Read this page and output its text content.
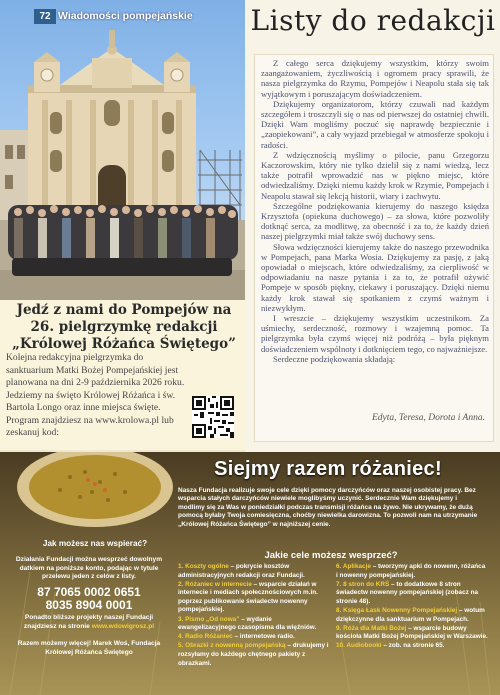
72 Wiadomości pompejańskie
Jedź z nami do Pompejów na 26. pielgrzymkę redakcji „Królowej Różańca Świętego”
Kolejna redakcyjna pielgrzymka do sanktuarium Matki Bożej Pompejańskiej jest planowana na dni 2-9 października 2026 roku. Jedziemy na święto Królowej Różańca i św. Bartola Longo oraz inne miejsca święte. Program znajdziesz na www.krolowa.pl lub zeskanuj kod:
Listy do redakcji

Z całego serca dziękujemy wszystkim, którzy swoim zaangażowaniem, życzliwością i ogromem pracy sprawili, że nasza pielgrzymka do Rzymu, Pompejów i Neapolu stała się tak wyjątkowym i poruszającym doświadczeniem.

Dziękujemy organizatorom, którzy czuwali nad każdym szczegółem i troszczyli się o nas od pierwszej do ostatniej chwili. Dzięki Wam mogliśmy poczuć się naprawdę bezpiecznie i „zaopiekowani”, a cały wyjazd przebiegał w atmosferze spokoju i radości.

Z wdzięcznością myślimy o pilocie, panu Grzegorzu Kaczorowskim, który nie tylko dzielił się z nami wiedzą, lecz także potrafił wprowadzić nas w piękno miejsc, które odwiedzaliśmy. Dzięki niemu każdy krok w Rzymie, Pompejach i Neapolu stawał się lekcją historii, wiary i zachwytu.

Szczególne podziękowania kierujemy do naszego księdza Krzysztofa (opiekuna duchowego) – za słowa, które pozwoliły dotknąć serca, za modlitwę, za obecność i za to, że każdy dzień naszej pielgrzymki miał także swój duchowy sens.

Słowa wdzięczności kierujemy także do naszego przewodnika w Pompejach, pana Marka Wosia. Dziękujemy za pasję, z jaką opowiadał o miejscach, które odwiedzaliśmy, za cierpliwość w odpowiadaniu na nasze pytania i za to, że potrafił ożywić Pompeje w sposób piękny, ciekawy i poruszający. Dzięki niemu każdy krok stawał się spotkaniem z czymś ważnym i niezwykłym.

I wreszcie – dziękujemy wszystkim uczestnikom. Za uśmiechy, serdeczność, rozmowy i wzajemną pomoc. Ta pielgrzymka była czymś więcej niż podróżą – była pięknym doświadczeniem wspólnoty i dotknięciem tego, co najważniejsze.

Serdeczne podziękowania składają:

Edyta, Teresa, Dorota i Anna.
Siejmy razem różaniec!
Nasza Fundacja realizuje swoje cele dzięki pomocy darczyńców oraz naszej osobistej pracy. Bez wsparcia stałych darczyńców niewiele moglibyśmy uczynić. Serdecznie Wam dziękujemy i modlimy się za Was w poniedziałki podczas transmisji różańca na żywo. Nie ukrywamy, że dużą pomocą byłaby Twoja comiesięczna, choćby niewielka darowizna. To pozwoli nam na utrzymanie „Królowej Różańca Świętego” w najniższej cenie.
Jakie cele możesz wesprzeć?
1. Koszty ogólne – pokrycie kosztów administracyjnych redakcji oraz Fundacji.
2. Różaniec w internecie – wsparcie działań w internecie i mediach społecznościowych m.in. poprzez publikowanie świadectw nowenny pompejańskiej.
3. Pismo „Od nowa” – wydanie ewangelizacyjnego czasopisma dla więźniów.
4. Radio Różaniec – internetowe radio.
5. Obrazki z nowenną pompejańską – drukujemy i rozsyłamy do każdego chętnego pakiety z obrazkami.
6. Aplikacje – tworzymy apki do nowenn, różańca i nowenny pompejańskiej.
7. 8 stron do KRŚ – to dodatkowe 8 stron świadectw nowenny pompejańskiej (zobacz na stronie 48).
8. Księga Łask Nowenny Pompejańskiej – wotum dziękczynne dla sanktuarium w Pompejach.
9. Róża dla Matki Bożej – wsparcie budowy kościoła Matki Bożej Pompejańskiej w Warszawie.
10. Audiobooki – zob. na stronie 65.
Jak możesz nas wspierać?
Działania Fundacji można wesprzeć dowolnym datkiem na poniższe konto, podając w tytule przelewu jeden z celów z listy.
87 7065 0002 0651
8035 8904 0001
Ponadto bliższe projekty naszej Fundacji znajdziesz na stronie www.wdowigrosz.pl
Razem możemy więcej! Marek Woś, Fundacja Królowej Różańca Świętego
